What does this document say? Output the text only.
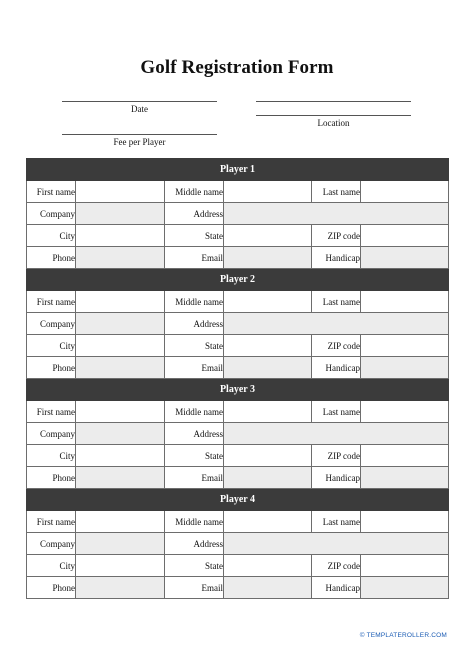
Golf Registration Form
Date
Location
Fee per Player
Player 1					
First name		Middle name		Last name	
Company		Address			
City		State		ZIP code	
Phone		Email		Handicap	
Player 2					
First name		Middle name		Last name	
Company		Address			
City		State		ZIP code	
Phone		Email		Handicap	
Player 3					
First name		Middle name		Last name	
Company		Address			
City		State		ZIP code	
Phone		Email		Handicap	
Player 4					
First name		Middle name		Last name	
Company		Address			
City		State		ZIP code	
Phone		Email		Handicap	
© TEMPLATEROLLER.COM
